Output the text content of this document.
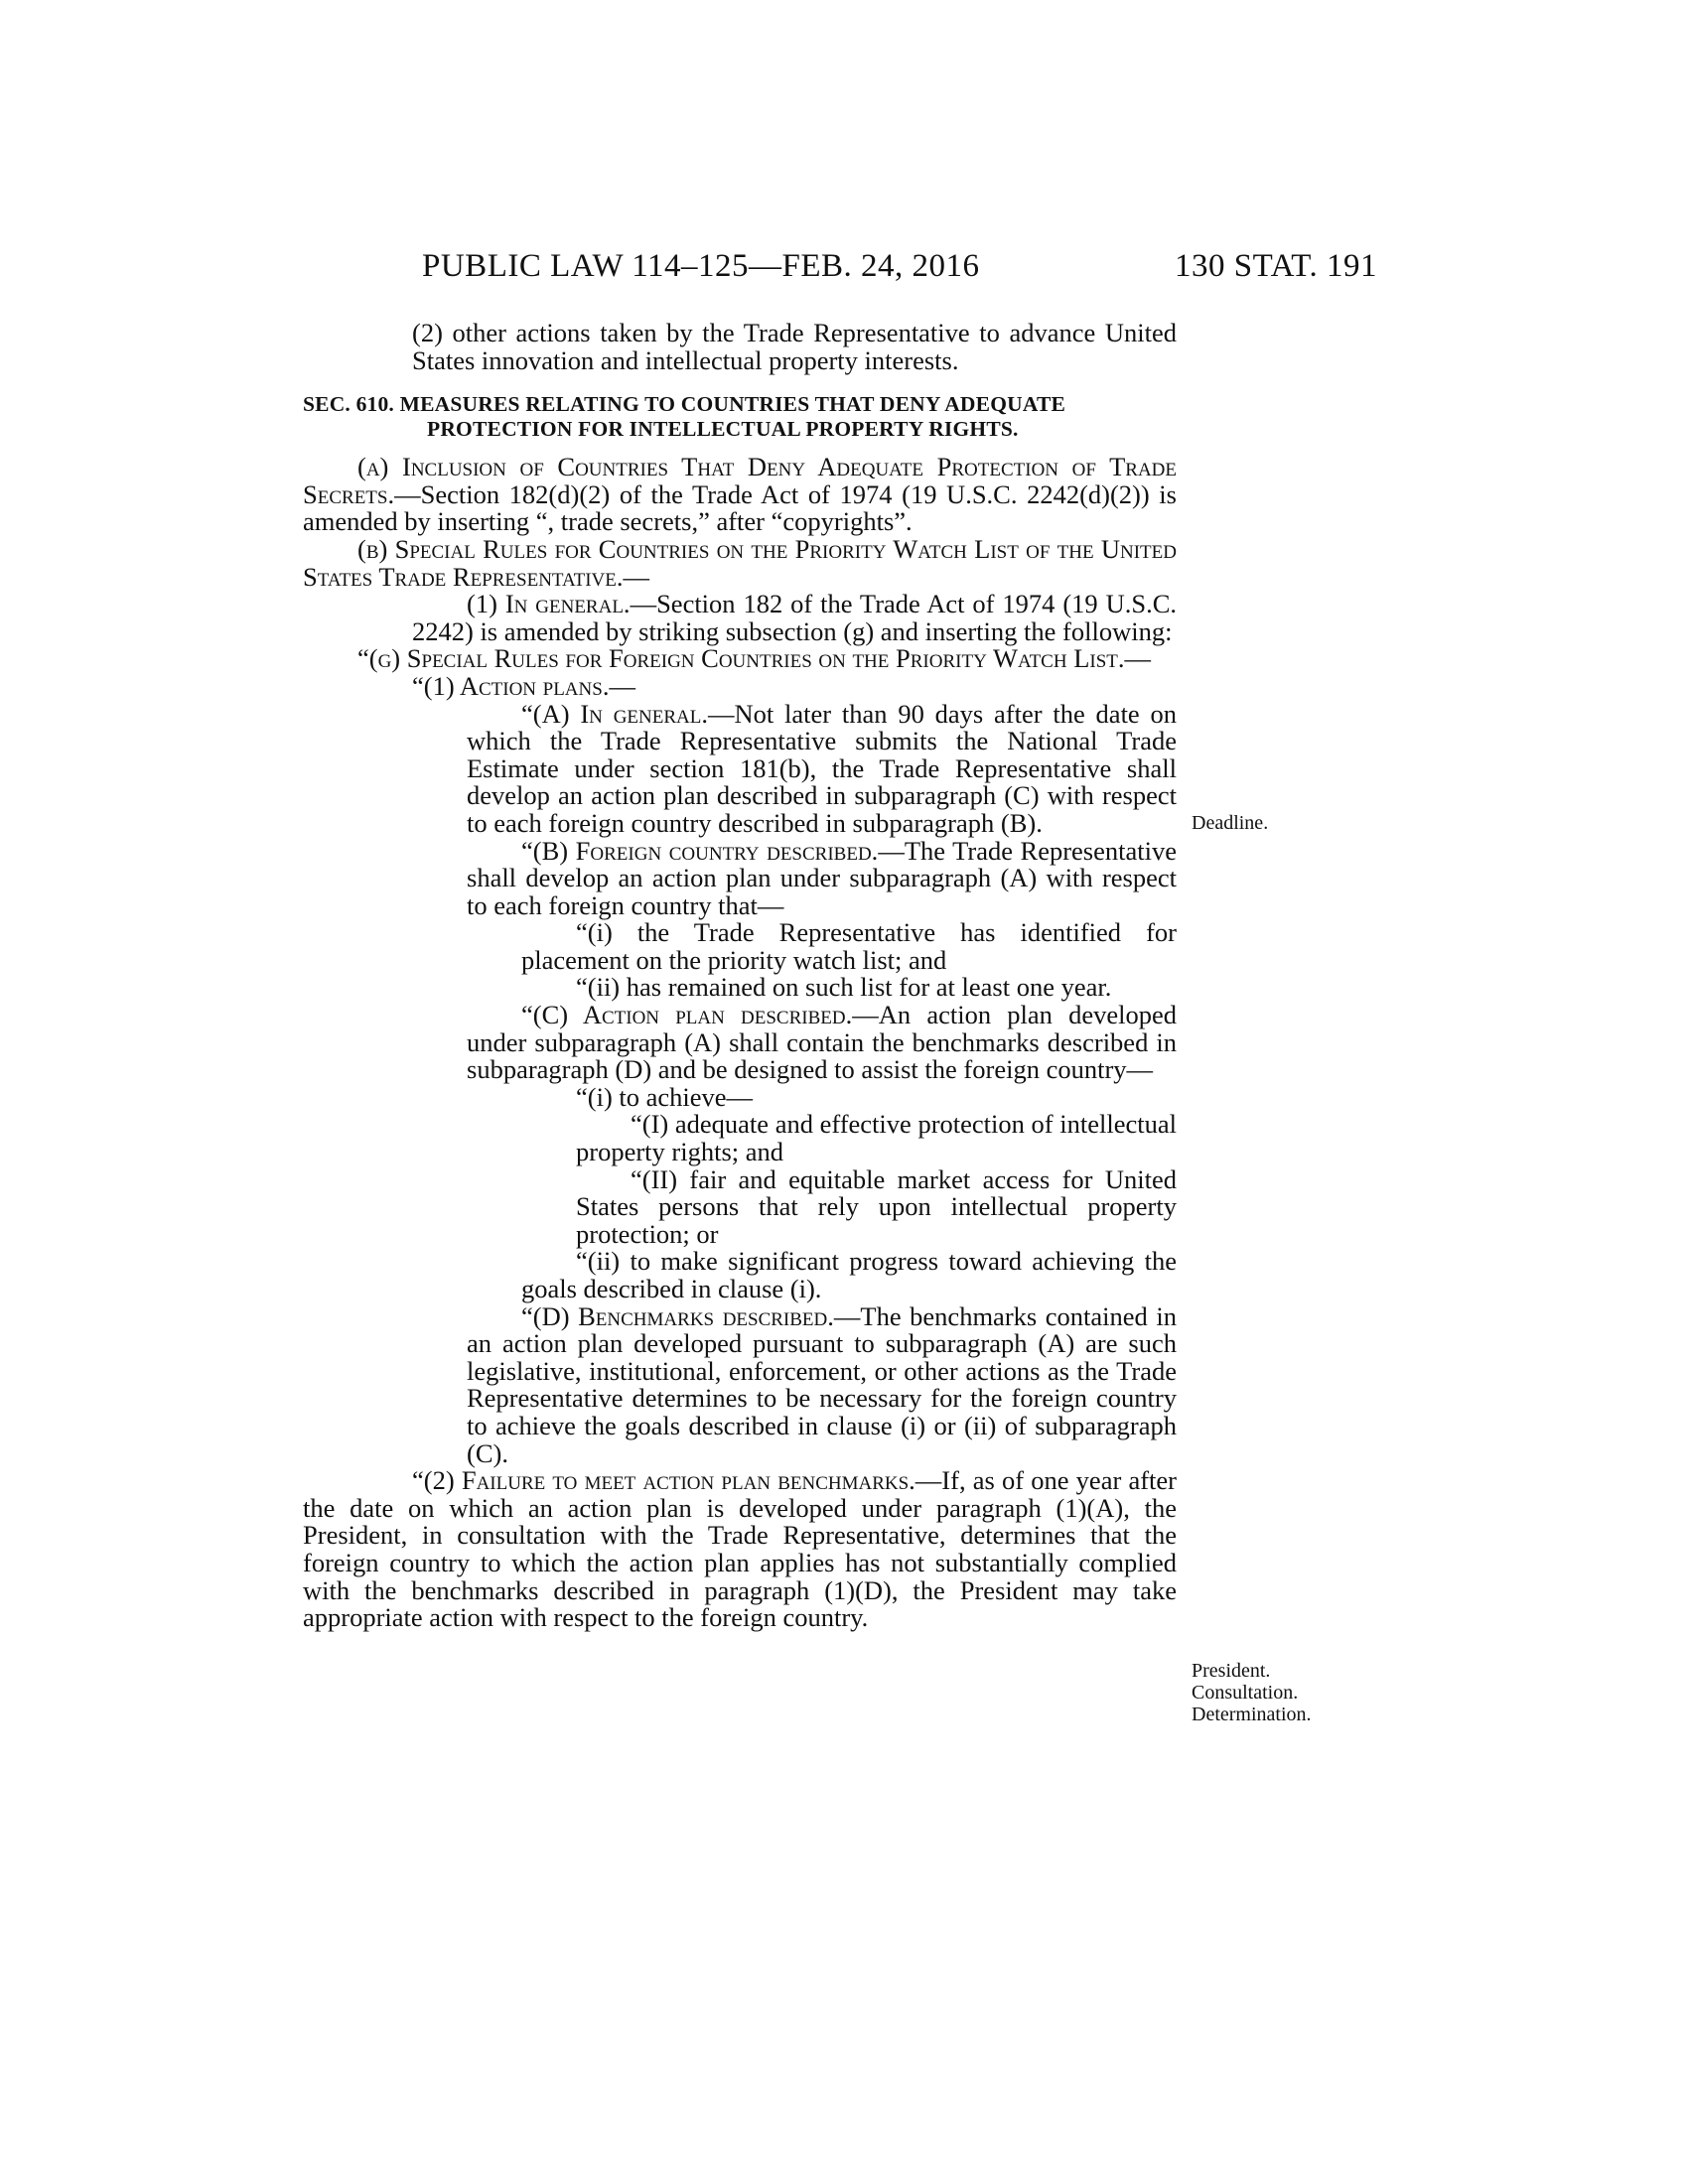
PUBLIC LAW 114–125—FEB. 24, 2016	130 STAT. 191

(2) other actions taken by the Trade Representative to advance United States innovation and intellectual property interests.

SEC. 610. MEASURES RELATING TO COUNTRIES THAT DENY ADEQUATE PROTECTION FOR INTELLECTUAL PROPERTY RIGHTS.

(a) Inclusion of Countries That Deny Adequate Protection of Trade Secrets.—Section 182(d)(2) of the Trade Act of 1974 (19 U.S.C. 2242(d)(2)) is amended by inserting “, trade secrets,” after “copyrights”.

(b) Special Rules for Countries on the Priority Watch List of the United States Trade Representative.—

(1) In general.—Section 182 of the Trade Act of 1974 (19 U.S.C. 2242) is amended by striking subsection (g) and inserting the following:

“(g) Special Rules for Foreign Countries on the Priority Watch List.—

“(1) Action plans.—

“(A) In general.—Not later than 90 days after the date on which the Trade Representative submits the National Trade Estimate under section 181(b), the Trade Representative shall develop an action plan described in subparagraph (C) with respect to each foreign country described in subparagraph (B).

“(B) Foreign country described.—The Trade Representative shall develop an action plan under subparagraph (A) with respect to each foreign country that—

“(i) the Trade Representative has identified for placement on the priority watch list; and

“(ii) has remained on such list for at least one year.

“(C) Action plan described.—An action plan developed under subparagraph (A) shall contain the benchmarks described in subparagraph (D) and be designed to assist the foreign country—

“(i) to achieve—

“(I) adequate and effective protection of intellectual property rights; and

“(II) fair and equitable market access for United States persons that rely upon intellectual property protection; or

“(ii) to make significant progress toward achieving the goals described in clause (i).

“(D) Benchmarks described.—The benchmarks contained in an action plan developed pursuant to subparagraph (A) are such legislative, institutional, enforcement, or other actions as the Trade Representative determines to be necessary for the foreign country to achieve the goals described in clause (i) or (ii) of subparagraph (C).

“(2) Failure to meet action plan benchmarks.—If, as of one year after the date on which an action plan is developed under paragraph (1)(A), the President, in consultation with the Trade Representative, determines that the foreign country to which the action plan applies has not substantially complied with the benchmarks described in paragraph (1)(D), the President may take appropriate action with respect to the foreign country.

Deadline.
President.
Consultation.
Determination.
